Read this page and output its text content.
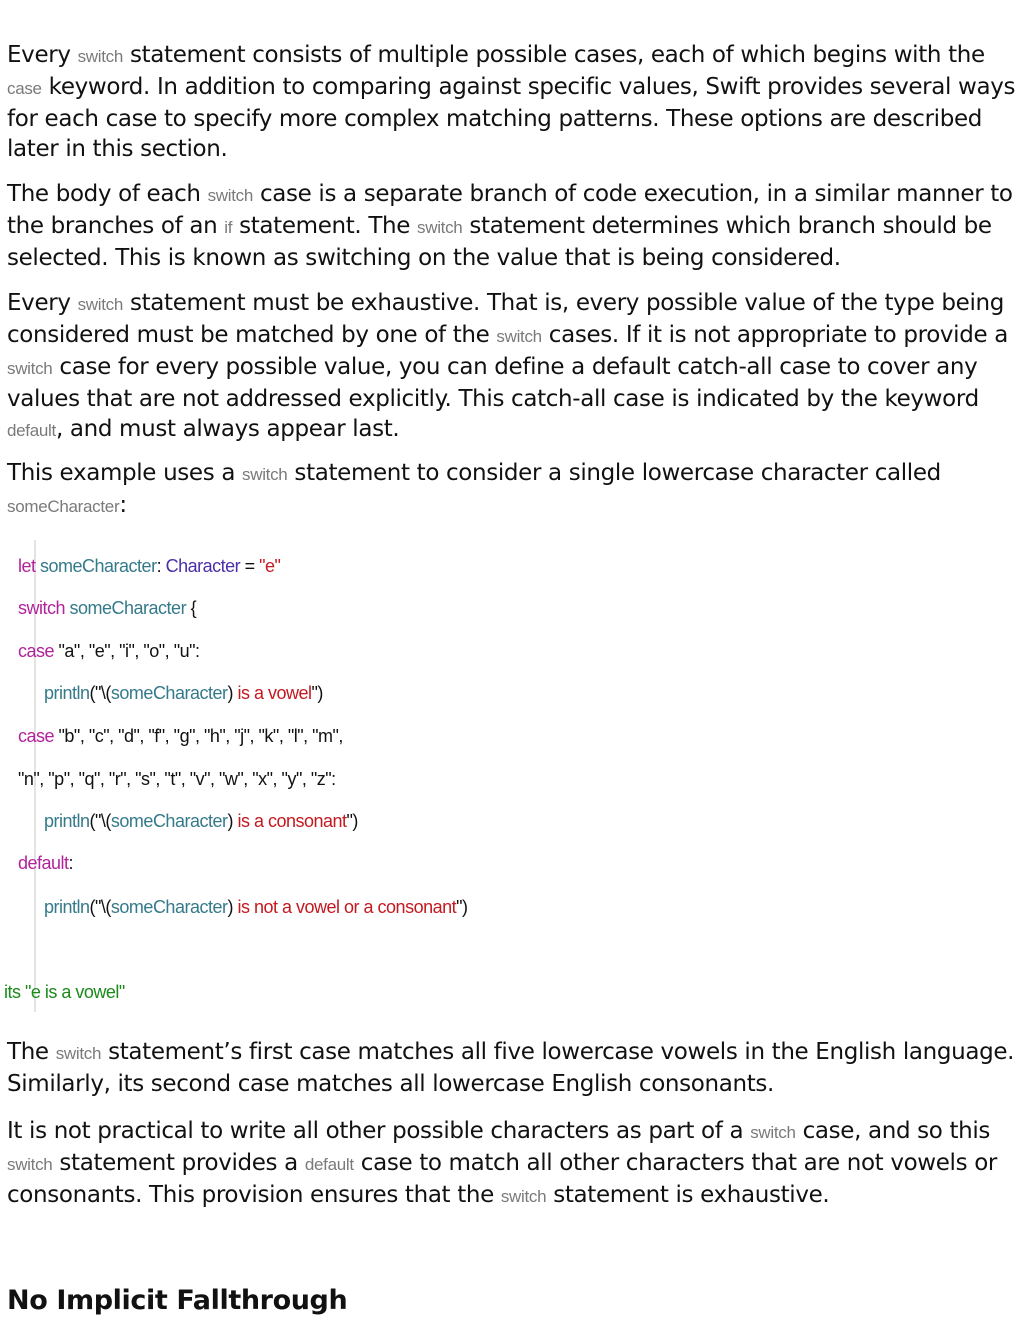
Every switch statement consists of multiple possible cases, each of which begins with the case keyword. In addition to comparing against specific values, Swift provides several ways for each case to specify more complex matching patterns. These options are described later in this section.

The body of each switch case is a separate branch of code execution, in a similar manner to the branches of an if statement. The switch statement determines which branch should be selected. This is known as switching on the value that is being considered.

Every switch statement must be exhaustive. That is, every possible value of the type being considered must be matched by one of the switch cases. If it is not appropriate to provide a switch case for every possible value, you can define a default catch-all case to cover any values that are not addressed explicitly. This catch-all case is indicated by the keyword default, and must always appear last.

This example uses a switch statement to consider a single lowercase character called someCharacter:

let someCharacter: Character = "e"

switch someCharacter {

case "a", "e", "i", "o", "u":

println("\(someCharacter) is a vowel")

case "b", "c", "d", "f", "g", "h", "j", "k", "l", "m",

"n", "p", "q", "r", "s", "t", "v", "w", "x", "y", "z":

println("\(someCharacter) is a consonant")

default:

println("\(someCharacter) is not a vowel or a consonant")

its "e is a vowel"

The switch statement’s first case matches all five lowercase vowels in the English language. Similarly, its second case matches all lowercase English consonants.

It is not practical to write all other possible characters as part of a switch case, and so this switch statement provides a default case to match all other characters that are not vowels or consonants. This provision ensures that the switch statement is exhaustive.

No Implicit Fallthrough
